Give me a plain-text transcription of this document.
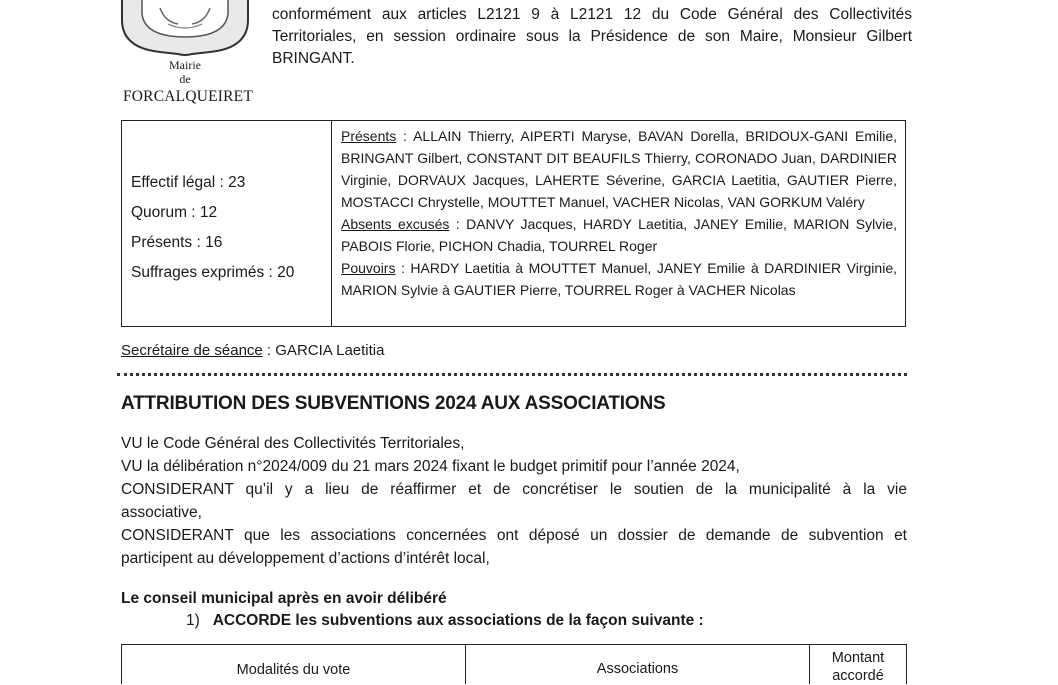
Mairie
de
FORCALQUEIRET

conformément aux articles L2121 9 à L2121 12 du Code Général des Collectivités Territoriales, en session ordinaire sous la Présidence de son Maire, Monsieur Gilbert BRINGANT.

Effectif légal : 23
Quorum : 12
Présents : 16
Suffrages exprimés : 20
Présents : ALLAIN Thierry, AIPERTI Maryse, BAVAN Dorella, BRIDOUX-GANI Emilie, BRINGANT Gilbert, CONSTANT DIT BEAUFILS Thierry, CORONADO Juan, DARDINIER Virginie, DORVAUX Jacques, LAHERTE Séverine, GARCIA Laetitia, GAUTIER Pierre, MOSTACCI Chrystelle, MOUTTET Manuel, VACHER Nicolas, VAN GORKUM Valéry
Absents excusés : DANVY Jacques, HARDY Laetitia, JANEY Emilie, MARION Sylvie, PABOIS Florie, PICHON Chadia, TOURREL Roger
Pouvoirs : HARDY Laetitia à MOUTTET Manuel, JANEY Emilie à DARDINIER Virginie, MARION Sylvie à GAUTIER Pierre, TOURREL Roger à VACHER Nicolas
Secrétaire de séance : GARCIA Laetitia
ATTRIBUTION DES SUBVENTIONS 2024 AUX ASSOCIATIONS
VU le Code Général des Collectivités Territoriales,
VU la délibération n°2024/009 du 21 mars 2024 fixant le budget primitif pour l’année 2024,
CONSIDERANT qu’il y a lieu de réaffirmer et de concrétiser le soutien de la municipalité à la vie
associative,
CONSIDERANT que les associations concernées ont déposé un dossier de demande de subvention et
participent au développement d’actions d’intérêt local,
Le conseil municipal après en avoir délibéré
1) ACCORDE les subventions aux associations de la façon suivante :
Modalités du vote	Associations
Montant
accordé
